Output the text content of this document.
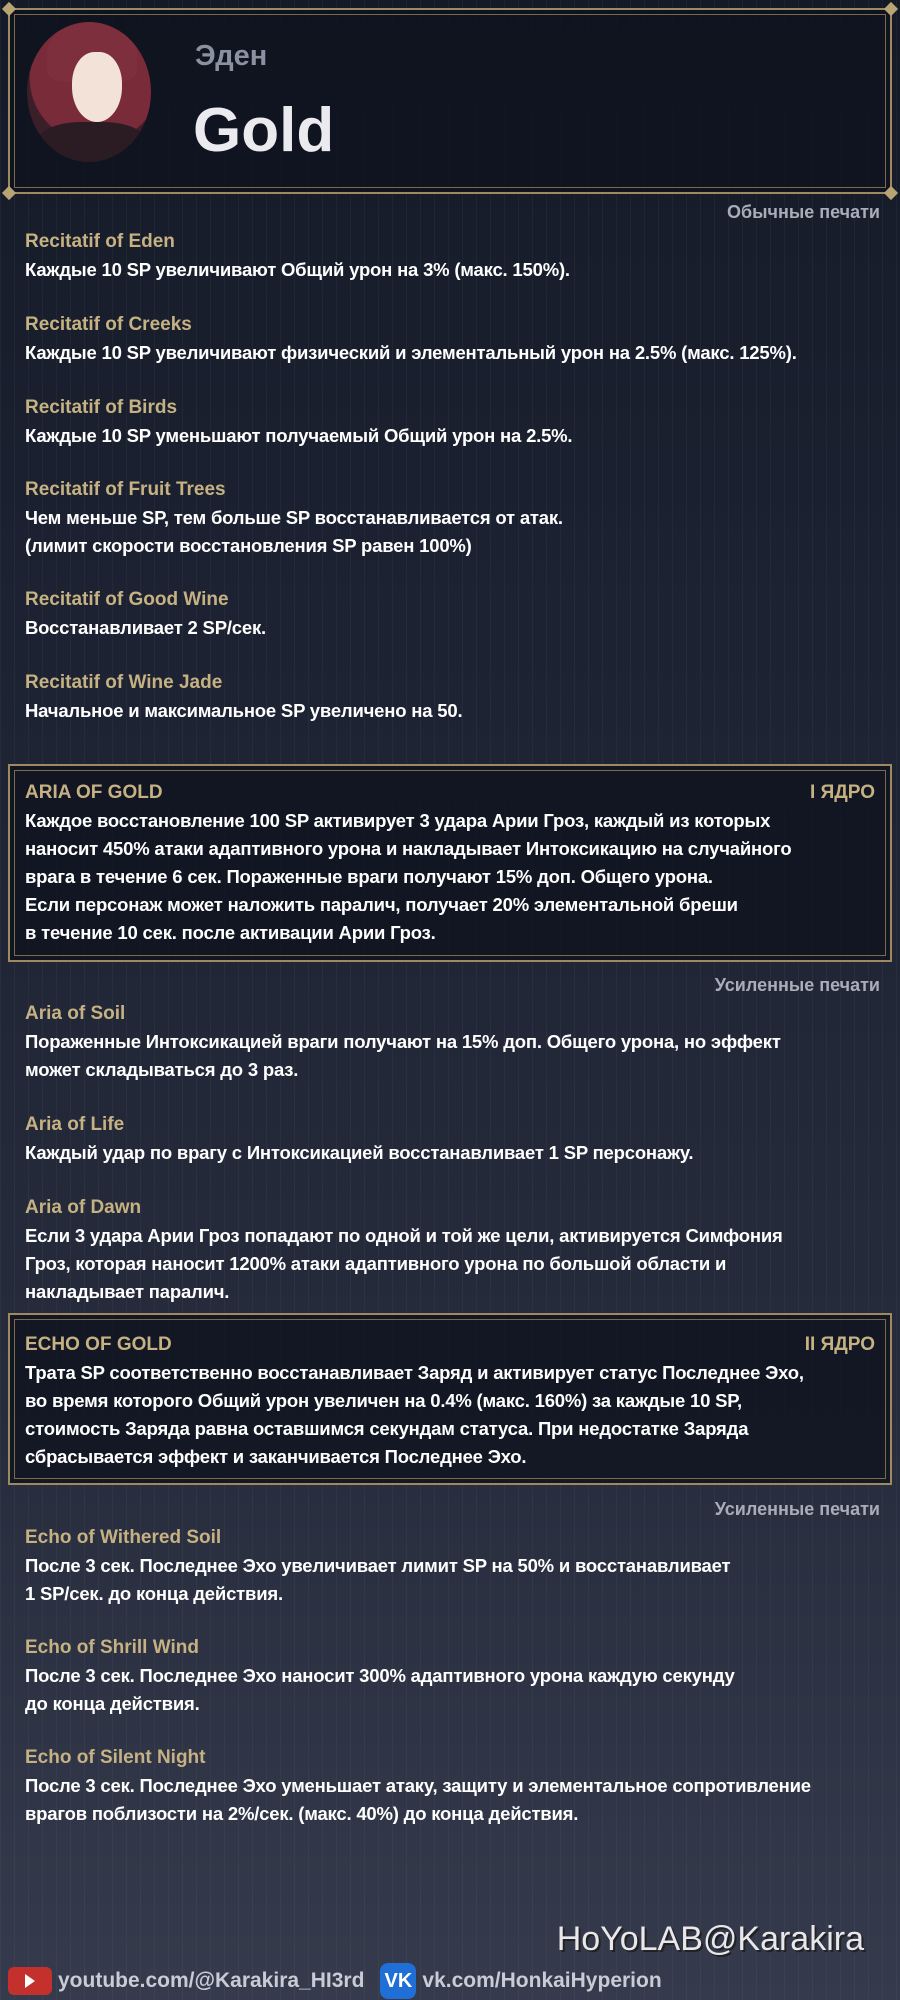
Эден
Gold
Обычные печати
Recitatif of Eden
Каждые 10 SP увеличивают Общий урон на 3% (макс. 150%).
Recitatif of Creeks
Каждые 10 SP увеличивают физический и элементальный урон на 2.5% (макс. 125%).
Recitatif of Birds
Каждые 10 SP уменьшают получаемый Общий урон на 2.5%.
Recitatif of Fruit Trees
Чем меньше SP, тем больше SP восстанавливается от атак.
(лимит скорости восстановления SP равен 100%)
Recitatif of Good Wine
Восстанавливает 2 SP/сек.
Recitatif of Wine Jade
Начальное и максимальное SP увеличено на 50.
ARIA OF GOLD	I ЯДРО
Каждое восстановление 100 SP активирует 3 удара Арии Гроз, каждый из которых
наносит 450% атаки адаптивного урона и накладывает Интоксикацию на случайного
врага в течение 6 сек. Пораженные враги получают 15% доп. Общего урона.
Если персонаж может наложить паралич, получает 20% элементальной бреши
в течение 10 сек. после активации Арии Гроз.
Усиленные печати
Aria of Soil
Пораженные Интоксикацией враги получают на 15% доп. Общего урона, но эффект
может складываться до 3 раз.
Aria of Life
Каждый удар по врагу с Интоксикацией восстанавливает 1 SP персонажу.
Aria of Dawn
Если 3 удара Арии Гроз попадают по одной и той же цели, активируется Симфония
Гроз, которая наносит 1200% атаки адаптивного урона по большой области и
накладывает паралич.
ECHO OF GOLD	II ЯДРО
Трата SP соответственно восстанавливает Заряд и активирует статус Последнее Эхо,
во время которого Общий урон увеличен на 0.4% (макс. 160%) за каждые 10 SP,
стоимость Заряда равна оставшимся секундам статуса. При недостатке Заряда
сбрасывается эффект и заканчивается Последнее Эхо.
Усиленные печати
Echo of Withered Soil
После 3 сек. Последнее Эхо увеличивает лимит SP на 50% и восстанавливает
1 SP/сек. до конца действия.
Echo of Shrill Wind
После 3 сек. Последнее Эхо наносит 300% адаптивного урона каждую секунду
до конца действия.
Echo of Silent Night
После 3 сек. Последнее Эхо уменьшает атаку, защиту и элементальное сопротивление
врагов поблизости на 2%/сек. (макс. 40%) до конца действия.
HoYoLAB@Karakira
youtube.com/@Karakira_HI3rd VK vk.com/HonkaiHyperion
